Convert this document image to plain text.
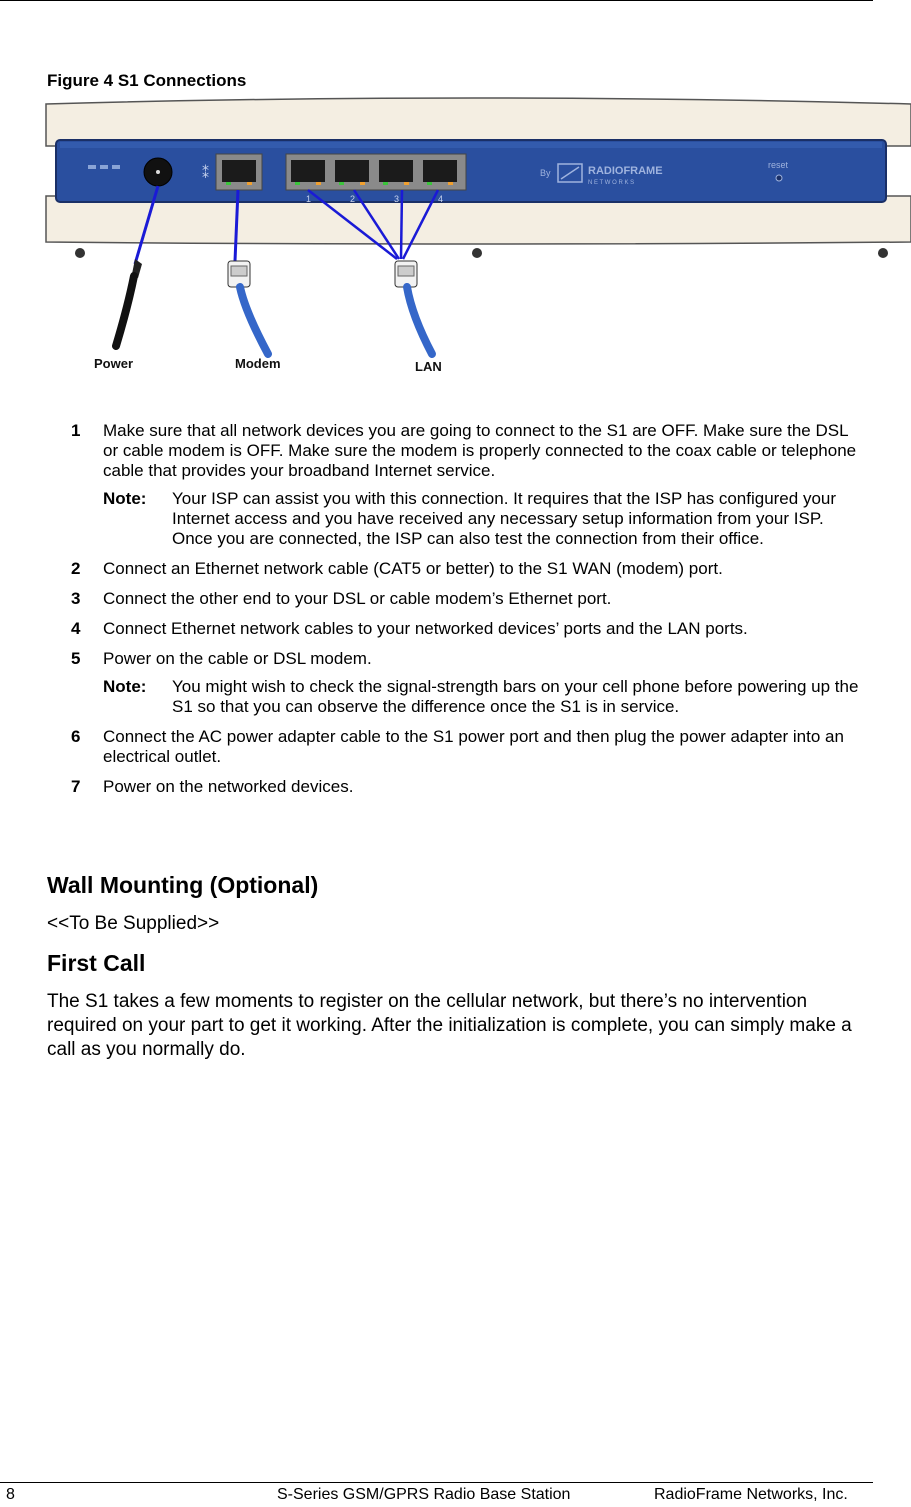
Figure 4 S1 Connections
⁑
1	2	3	4
By	RADIOFRAME
N E T W O R K S
reset
Power	Modem	LAN
1 Make sure that all network devices you are going to connect to the S1 are OFF. Make sure the DSL or cable modem is OFF. Make sure the modem is properly connected to the coax cable or telephone cable that provides your broadband Internet service.
Note: Your ISP can assist you with this connection. It requires that the ISP has configured your Internet access and you have received any necessary setup information from your ISP. Once you are connected, the ISP can also test the connection from their office.
2 Connect an Ethernet network cable (CAT5 or better) to the S1 WAN (modem) port.
3 Connect the other end to your DSL or cable modem’s Ethernet port.
4 Connect Ethernet network cables to your networked devices’ ports and the LAN ports.
5 Power on the cable or DSL modem.
Note: You might wish to check the signal-strength bars on your cell phone before powering up the S1 so that you can observe the difference once the S1 is in service.
6 Connect the AC power adapter cable to the S1 power port and then plug the power adapter into an electrical outlet.
7 Power on the networked devices.
Wall Mounting (Optional)
<<To Be Supplied>>
First Call
The S1 takes a few moments to register on the cellular network, but there’s no intervention required on your part to get it working. After the initialization is complete, you can simply make a call as you normally do.
8	S-Series GSM/GPRS Radio Base Station	RadioFrame Networks, Inc.
